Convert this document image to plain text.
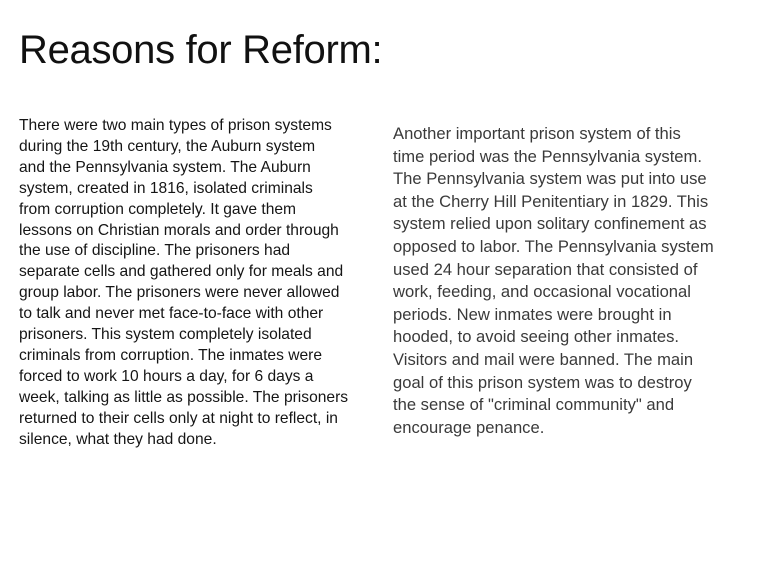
Reasons for Reform:
There were two main types of prison systems
during the 19th century, the Auburn system
and the Pennsylvania system. The Auburn
system, created in 1816, isolated criminals
from corruption completely. It gave them
lessons on Christian morals and order through
the use of discipline. The prisoners had
separate cells and gathered only for meals and
group labor. The prisoners were never allowed
to talk and never met face-to-face with other
prisoners. This system completely isolated
criminals from corruption. The inmates were
forced to work 10 hours a day, for 6 days a
week, talking as little as possible. The prisoners
returned to their cells only at night to reflect, in
silence, what they had done.
Another important prison system of this
time period was the Pennsylvania system.
The Pennsylvania system was put into use
at the Cherry Hill Penitentiary in 1829. This
system relied upon solitary confinement as
opposed to labor. The Pennsylvania system
used 24 hour separation that consisted of
work, feeding, and occasional vocational
periods. New inmates were brought in
hooded, to avoid seeing other inmates.
Visitors and mail were banned. The main
goal of this prison system was to destroy
the sense of "criminal community" and
encourage penance.
